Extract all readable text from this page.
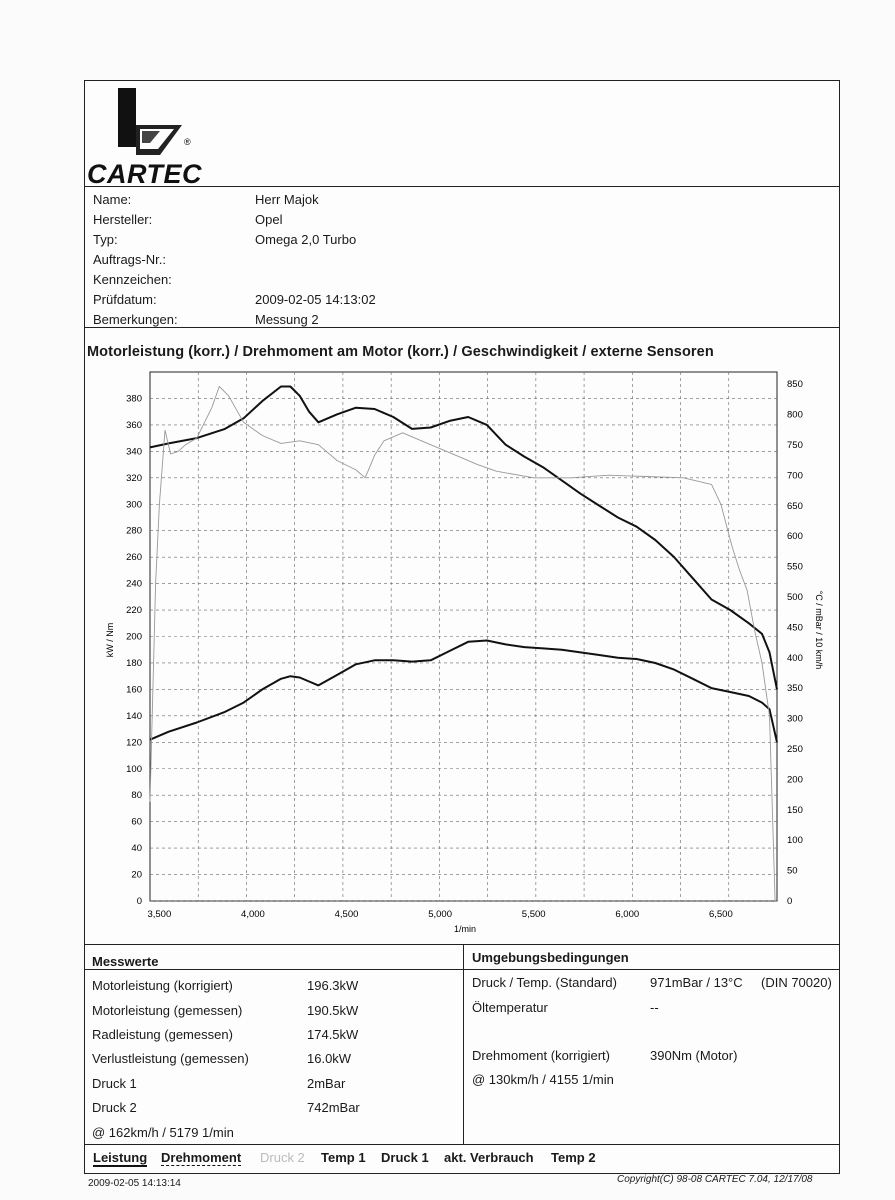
®
CARTEC
Name:	Herr Majok
Hersteller:	Opel
Typ:	Omega 2,0 Turbo
Auftrags-Nr.:
Kennzeichen:
Prüfdatum:	2009-02-05 14:13:02
Bemerkungen:	Messung 2
Motorleistung (korr.) / Drehmoment am Motor (korr.) / Geschwindigkeit / externe Sensoren
0
20
40
60
80
100
120
140
160
180
200
220
240
260
280
300
320
340
360
380
3,500	4,000	4,500	5,000	5,500	6,000	6,500
0
50
100
150
200
250
300
350
400
450
500
550
600
650
700
750
800
850
1/min
kW / Nm	°C / mBar / 10 km/h
Messwerte	Umgebungsbedingungen
Motorleistung (korrigiert)	196.3kW
Motorleistung (gemessen)	190.5kW
Radleistung (gemessen)	174.5kW
Verlustleistung (gemessen)	16.0kW
Druck 1	2mBar
Druck 2	742mBar
@ 162km/h / 5179 1/min
Druck / Temp. (Standard)	971mBar / 13°C (DIN 70020)
Öltemperatur	--
Drehmoment (korrigiert)	390Nm (Motor)
@ 130km/h / 4155 1/min
Leistung Drehmoment Druck 2 Temp 1 Druck 1 akt. Verbrauch Temp 2
2009-02-05 14:13:14	Copyright(C) 98-08 CARTEC 7.04, 12/17/08
